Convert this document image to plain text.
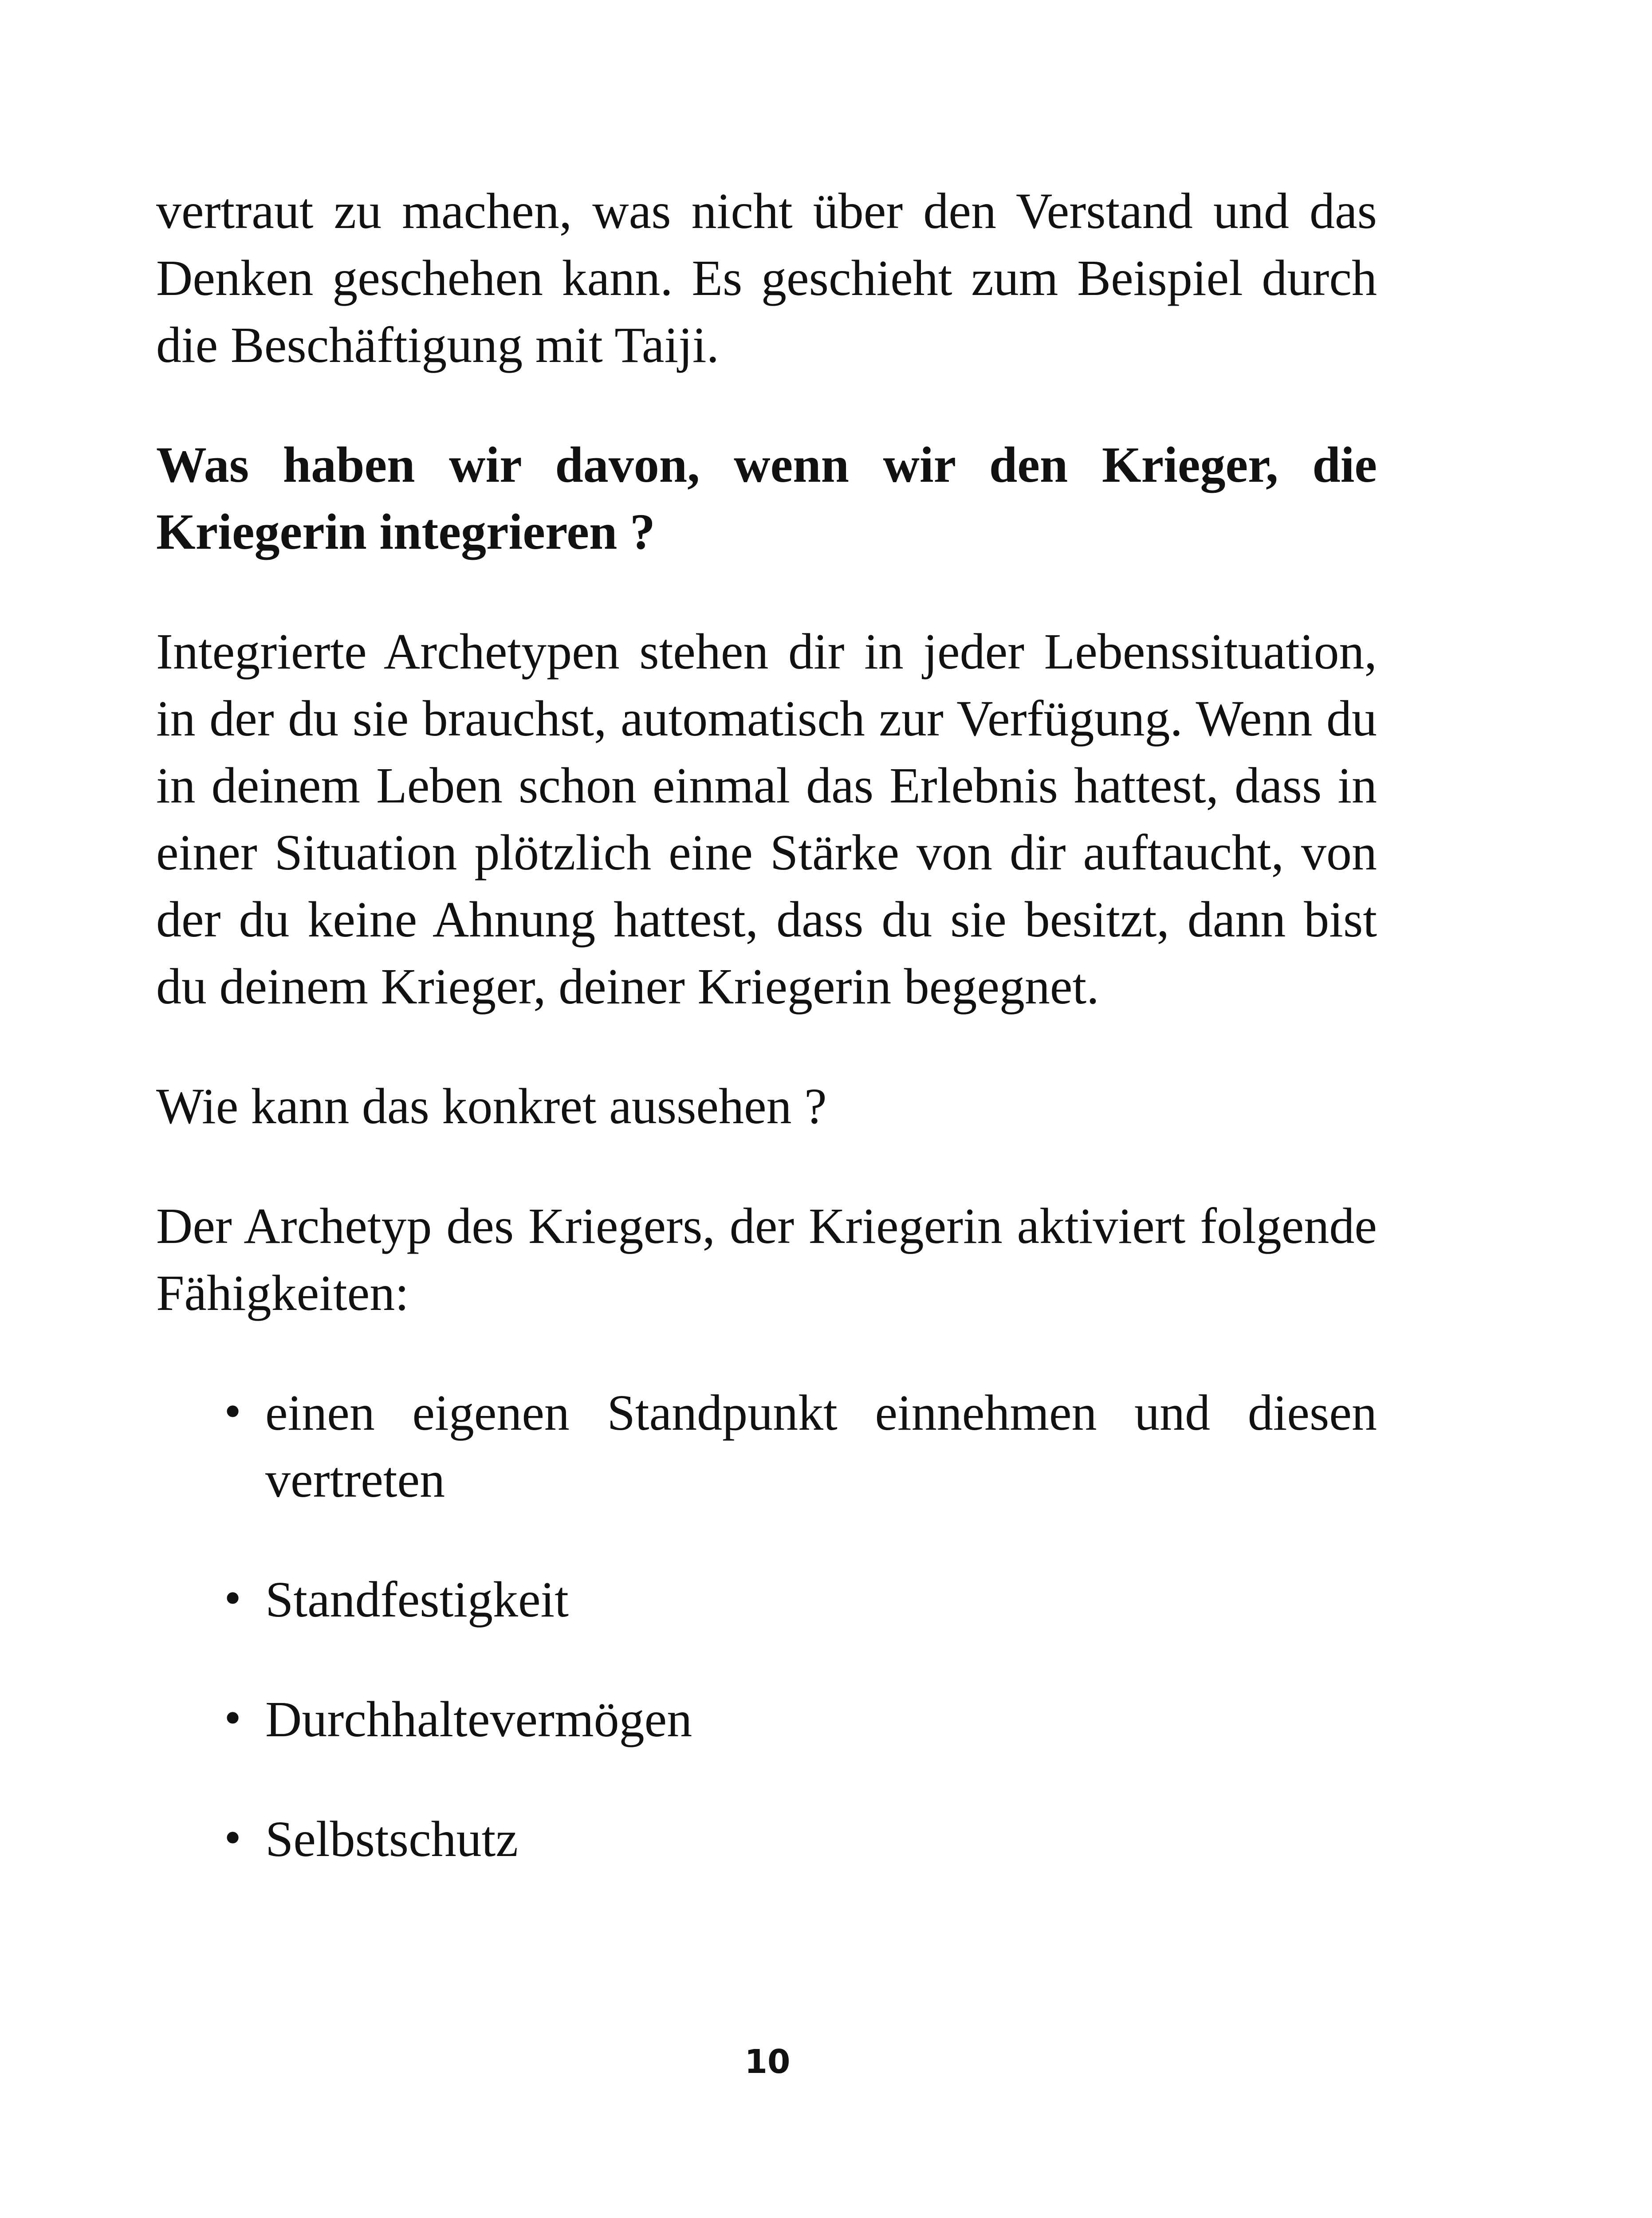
vertraut zu machen, was nicht über den Verstand und das Denken geschehen kann. Es geschieht zum Beispiel durch die Beschäftigung mit Taiji.

Was haben wir davon, wenn wir den Krieger, die Kriegerin integrieren ?

Integrierte Archetypen stehen dir in jeder Lebenssituation, in der du sie brauchst, automatisch zur Verfügung. Wenn du in deinem Leben schon einmal das Erlebnis hattest, dass in einer Situation plötzlich eine Stärke von dir auftaucht, von der du keine Ahnung hattest, dass du sie besitzt, dann bist du deinem Krieger, deiner Kriegerin begegnet.

Wie kann das konkret aussehen ?

Der Archetyp des Kriegers, der Kriegerin aktiviert folgende Fähigkeiten:

• einen eigenen Standpunkt einnehmen und diesen vertreten
• Standfestigkeit
• Durchhaltevermögen
• Selbstschutz
10
